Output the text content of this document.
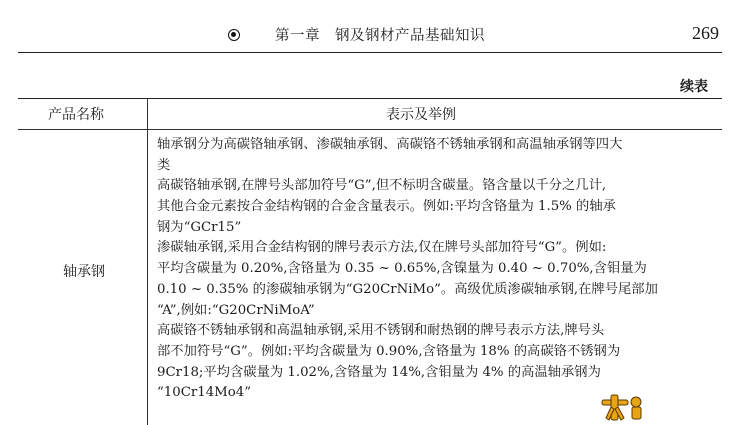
第一章　钢及钢材产品基础知识	269
续表
产品名称	表示及举例
轴承钢
轴承钢分为高碳铬轴承钢、渗碳轴承钢、高碳铬不锈轴承钢和高温轴承钢等四大
类
高碳铬轴承钢,在牌号头部加符号“G”,但不标明含碳量。铬含量以千分之几计,
其他合金元素按合金结构钢的合金含量表示。例如:平均含铬量为 1.5% 的轴承
钢为“GCr15”
渗碳轴承钢,采用合金结构钢的牌号表示方法,仅在牌号头部加符号“G”。例如:
平均含碳量为 0.20%,含铬量为 0.35 ~ 0.65%,含镍量为 0.40 ~ 0.70%,含钼量为
0.10 ~ 0.35% 的渗碳轴承钢为“G20CrNiMo”。高级优质渗碳轴承钢,在牌号尾部加
“A”,例如:“G20CrNiMoA”
高碳铬不锈轴承钢和高温轴承钢,采用不锈钢和耐热钢的牌号表示方法,牌号头
部不加符号“G”。例如:平均含碳量为 0.90%,含铬量为 18% 的高碳铬不锈钢为
9Cr18;平均含碳量为 1.02%,含铬量为 14%,含钼量为 4% 的高温轴承钢为
“10Cr14Mo4”
爱好者
